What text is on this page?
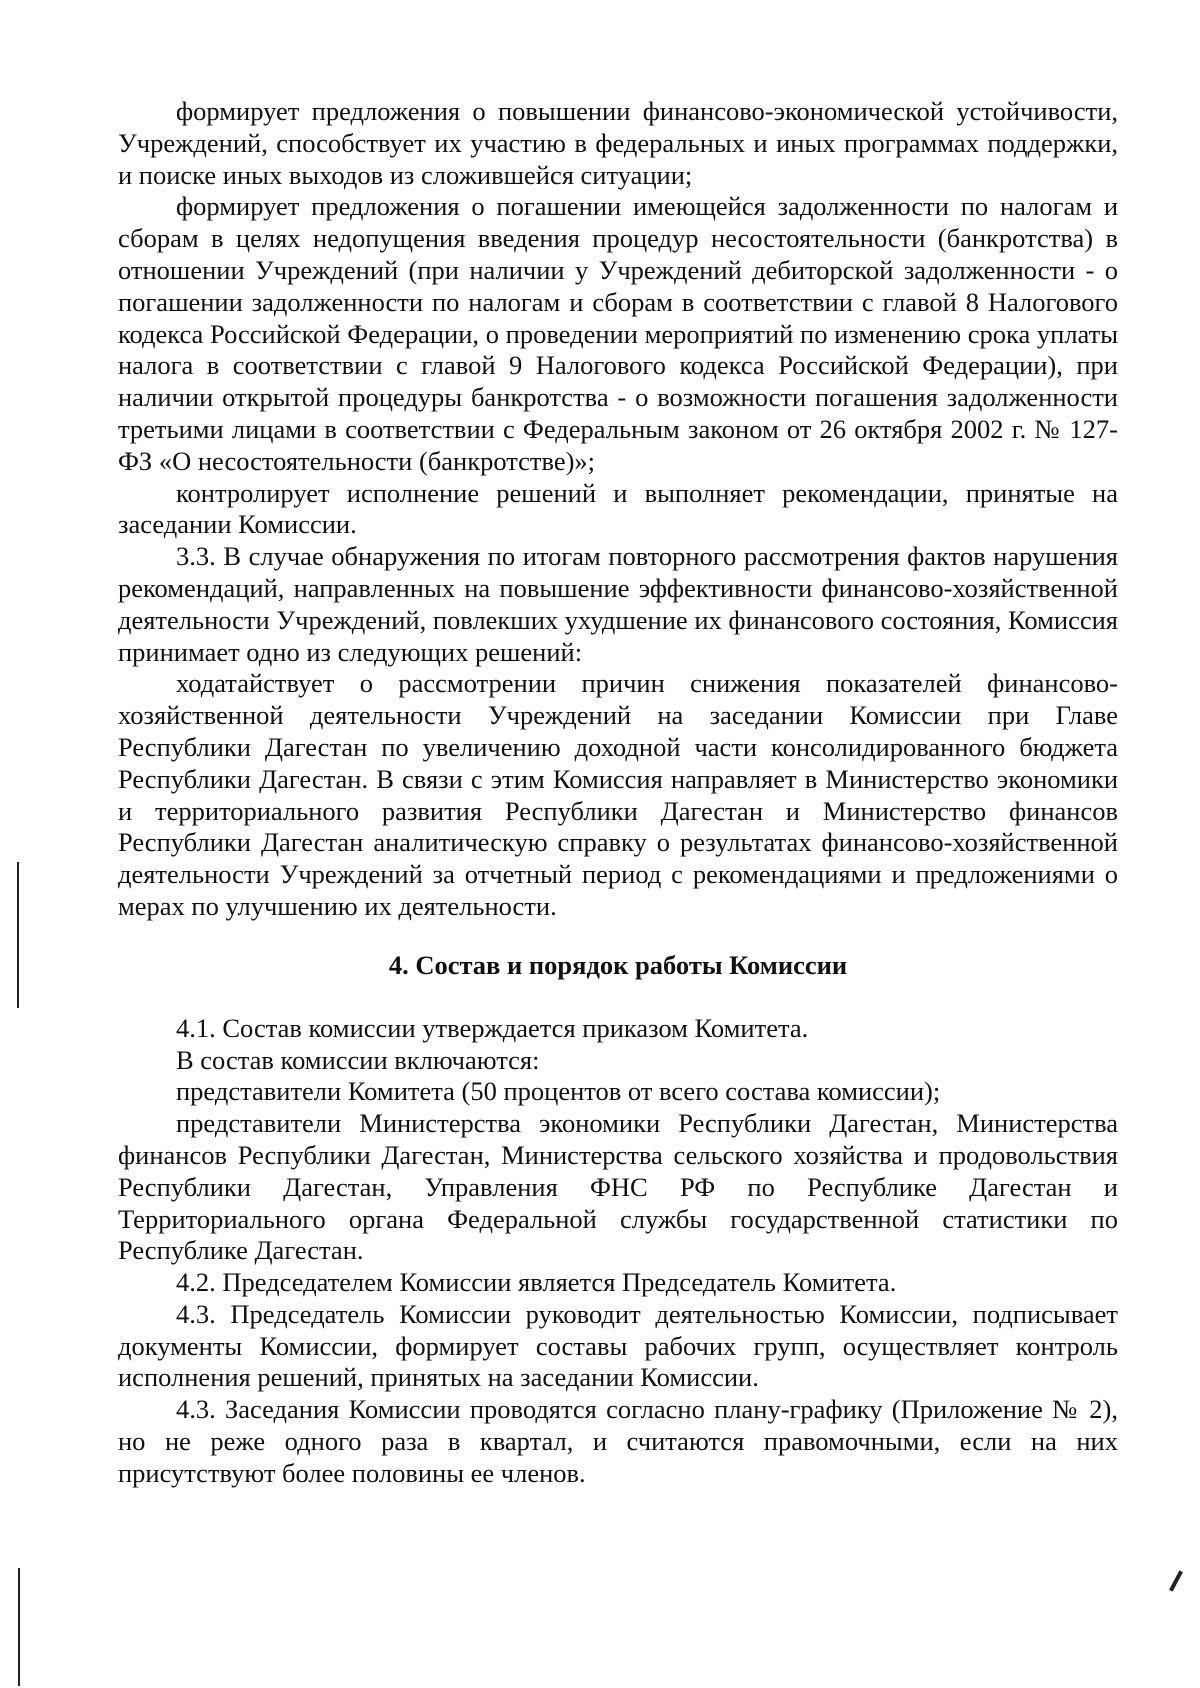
формирует предложения о повышении финансово-экономической устойчивости, Учреждений, способствует их участию в федеральных и иных программах поддержки, и поиске иных выходов из сложившейся ситуации;

формирует предложения о погашении имеющейся задолженности по налогам и сборам в целях недопущения введения процедур несостоятельности (банкротства) в отношении Учреждений (при наличии у Учреждений дебиторской задолженности - о погашении задолженности по налогам и сборам в соответствии с главой 8 Налогового кодекса Российской Федерации, о проведении мероприятий по изменению срока уплаты налога в соответствии с главой 9 Налогового кодекса Российской Федерации), при наличии открытой процедуры банкротства - о возможности погашения задолженности третьими лицами в соответствии с Федеральным законом от 26 октября 2002 г. № 127-ФЗ «О несостоятельности (банкротстве)»;

контролирует исполнение решений и выполняет рекомендации, принятые на заседании Комиссии.

3.3. В случае обнаружения по итогам повторного рассмотрения фактов нарушения рекомендаций, направленных на повышение эффективности финансово-хозяйственной деятельности Учреждений, повлекших ухудшение их финансового состояния, Комиссия принимает одно из следующих решений:

ходатайствует о рассмотрении причин снижения показателей финансово-хозяйственной деятельности Учреждений на заседании Комиссии при Главе Республики Дагестан по увеличению доходной части консолидированного бюджета Республики Дагестан. В связи с этим Комиссия направляет в Министерство экономики и территориального развития Республики Дагестан и Министерство финансов Республики Дагестан аналитическую справку о результатах финансово-хозяйственной деятельности Учреждений за отчетный период с рекомендациями и предложениями о мерах по улучшению их деятельности.

4. Состав и порядок работы Комиссии

4.1. Состав комиссии утверждается приказом Комитета.

В состав комиссии включаются:

представители Комитета (50 процентов от всего состава комиссии);

представители Министерства экономики Республики Дагестан, Министерства финансов Республики Дагестан, Министерства сельского хозяйства и продовольствия Республики Дагестан, Управления ФНС РФ по Республике Дагестан и Территориального органа Федеральной службы государственной статистики по Республике Дагестан.

4.2. Председателем Комиссии является Председатель Комитета.

4.3. Председатель Комиссии руководит деятельностью Комиссии, подписывает документы Комиссии, формирует составы рабочих групп, осуществляет контроль исполнения решений, принятых на заседании Комиссии.

4.3. Заседания Комиссии проводятся согласно плану-графику (Приложение № 2), но не реже одного раза в квартал, и считаются правомочными, если на них присутствуют более половины ее членов.
